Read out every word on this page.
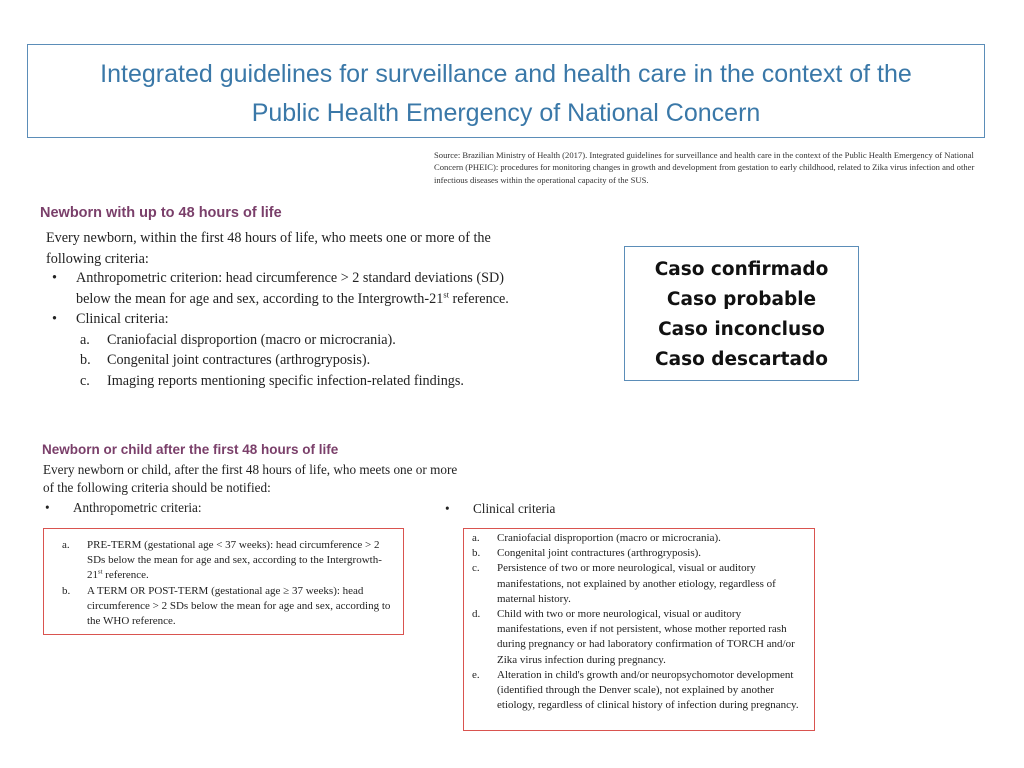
Integrated guidelines for surveillance and health care in the context of the
Public Health Emergency of National Concern
Source: Brazilian Ministry of Health (2017). Integrated guidelines for surveillance and health care in the context of the Public Health Emergency of National Concern (PHEIC): procedures for monitoring changes in growth and development from gestation to early childhood, related to Zika virus infection and other infectious diseases within the operational capacity of the SUS.
Newborn with up to 48 hours of life
Every newborn, within the first 48 hours of life, who meets one or more of the following criteria:
•	Anthropometric criterion: head circumference > 2 standard deviations (SD) below the mean for age and sex, according to the Intergrowth-21st reference.
•	Clinical criteria:
a.	Craniofacial disproportion (macro or microcrania).
b.	Congenital joint contractures (arthrogryposis).
c.	Imaging reports mentioning specific infection-related findings.
Caso confirmado
Caso probable
Caso inconcluso
Caso descartado
Newborn or child after the first 48 hours of life
Every newborn or child, after the first 48 hours of life, who meets one or more of the following criteria should be notified:
•	Anthropometric criteria:	•	Clinical criteria
a.	PRE-TERM (gestational age < 37 weeks): head circumference > 2 SDs below the mean for age and sex, according to the Intergrowth-21st reference.
b.	A TERM OR POST-TERM (gestational age ≥ 37 weeks): head circumference > 2 SDs below the mean for age and sex, according to the WHO reference.
a.	Craniofacial disproportion (macro or microcrania).
b.	Congenital joint contractures (arthrogryposis).
c.	Persistence of two or more neurological, visual or auditory manifestations, not explained by another etiology, regardless of maternal history.
d.	Child with two or more neurological, visual or auditory manifestations, even if not persistent, whose mother reported rash during pregnancy or had laboratory confirmation of TORCH and/or Zika virus infection during pregnancy.
e.	Alteration in child's growth and/or neuropsychomotor development (identified through the Denver scale), not explained by another etiology, regardless of clinical history of infection during pregnancy.
